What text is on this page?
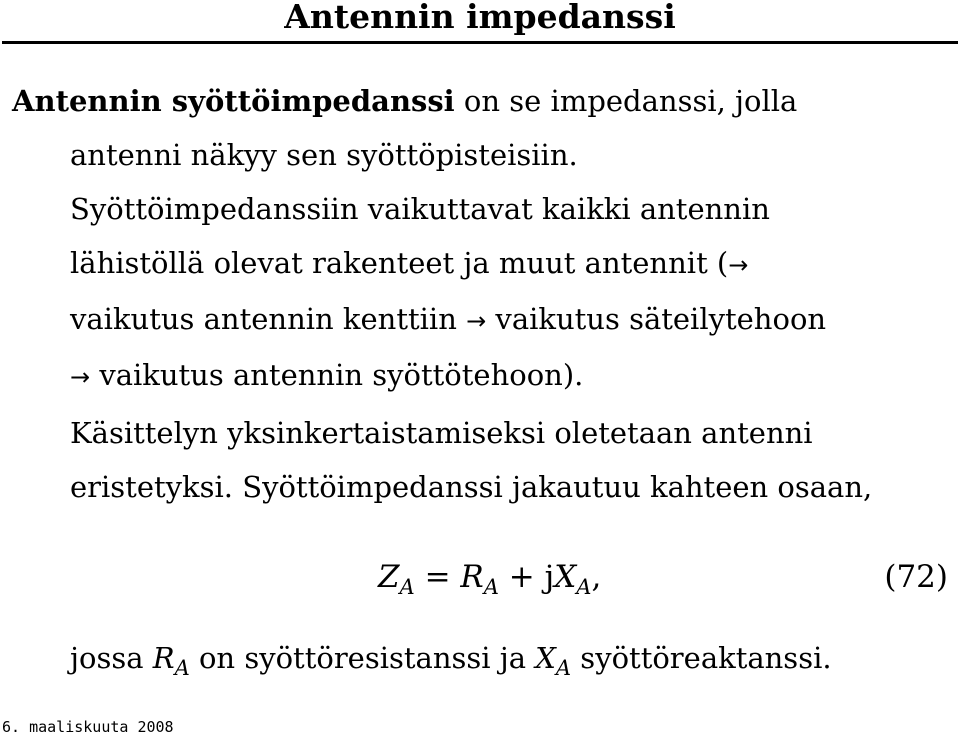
Antennin impedanssi

Antennin syöttöimpedanssi on se impedanssi, jolla
antenni näkyy sen syöttöpisteisiin.

Syöttöimpedanssiin vaikuttavat kaikki antennin
lähistöllä olevat rakenteet ja muut antennit (→
vaikutus antennin kenttiin → vaikutus säteilytehoon
→ vaikutus antennin syöttötehoon).

Käsittelyn yksinkertaistamiseksi oletetaan antenni
eristetyksi. Syöttöimpedanssi jakautuu kahteen osaan,

$Z_A = R_A + jX_A$,	(72)
jossa $R_A$ on syöttöresistanssi ja $X_A$ syöttöreaktanssi.
6. maaliskuuta 2008
